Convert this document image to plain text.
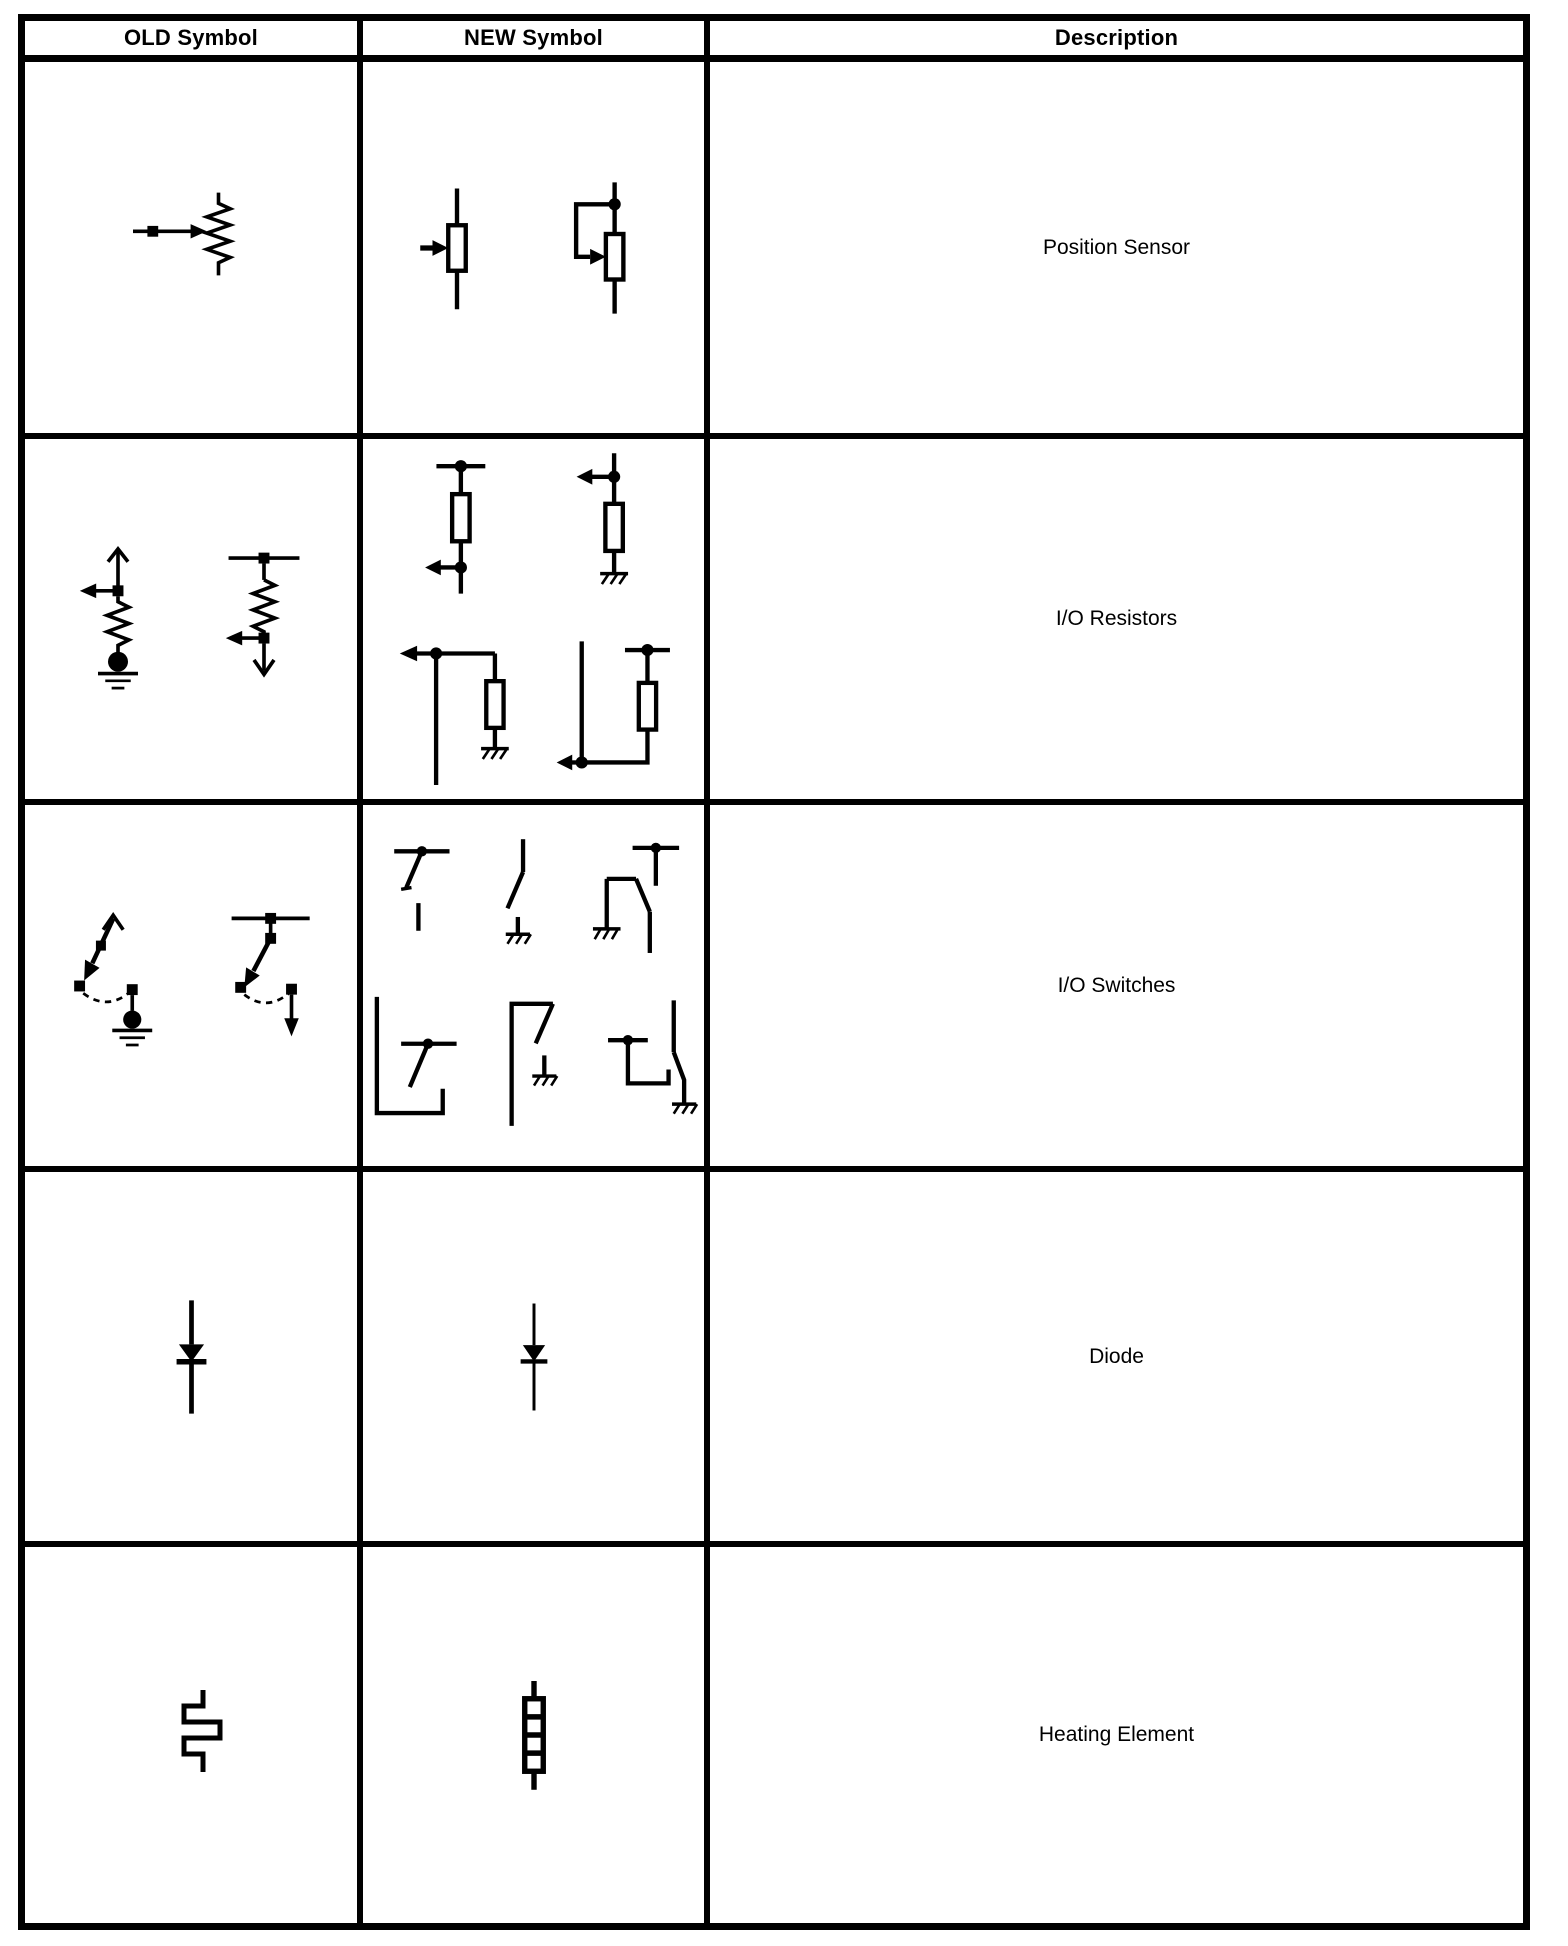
OLD Symbol	NEW Symbol	Description
Position Sensor
I/O Resistors
I/O Switches
Diode
Heating Element
